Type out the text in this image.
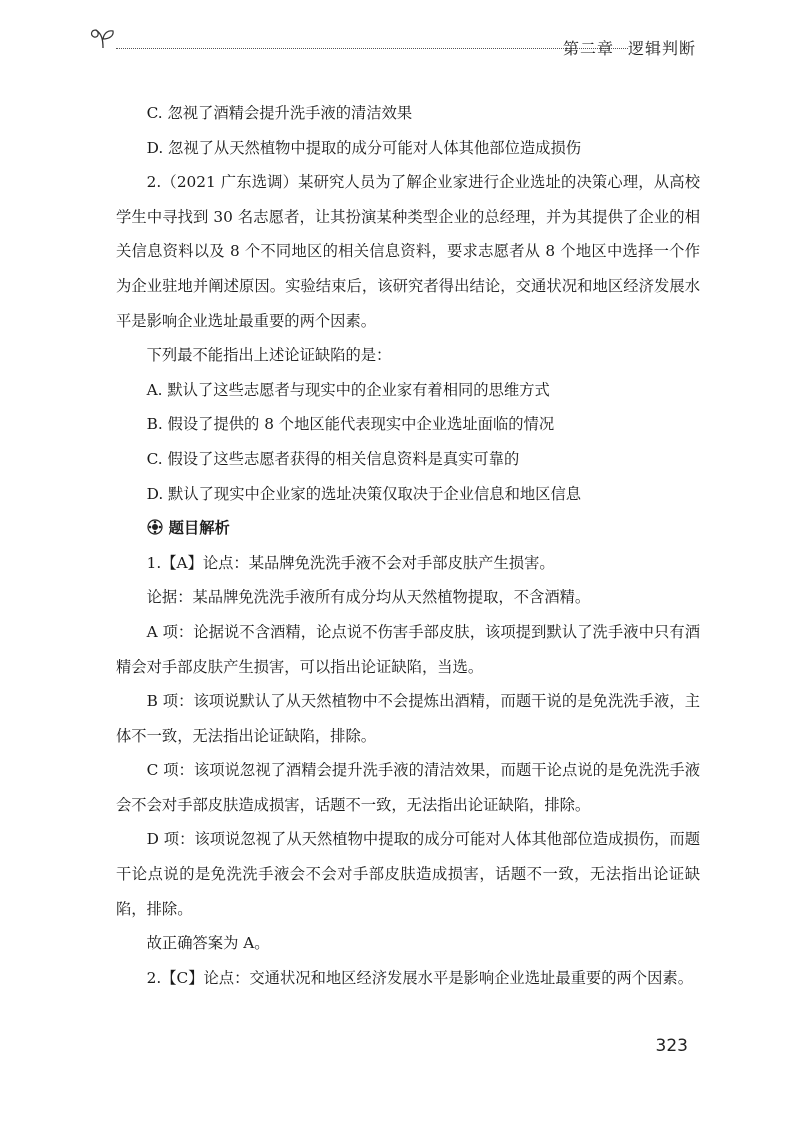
第二章 逻辑判断

C. 忽视了酒精会提升洗手液的清洁效果

D. 忽视了从天然植物中提取的成分可能对人体其他部位造成损伤

2.（2021 广东选调）某研究人员为了解企业家进行企业选址的决策心理，从高校学生中寻找到 30 名志愿者，让其扮演某种类型企业的总经理，并为其提供了企业的相关信息资料以及 8 个不同地区的相关信息资料，要求志愿者从 8 个地区中选择一个作为企业驻地并阐述原因。实验结束后，该研究者得出结论，交通状况和地区经济发展水平是影响企业选址最重要的两个因素。

下列最不能指出上述论证缺陷的是：

A. 默认了这些志愿者与现实中的企业家有着相同的思维方式

B. 假设了提供的 8 个地区能代表现实中企业选址面临的情况

C. 假设了这些志愿者获得的相关信息资料是真实可靠的

D. 默认了现实中企业家的选址决策仅取决于企业信息和地区信息

题目解析

1.【A】论点：某品牌免洗洗手液不会对手部皮肤产生损害。

论据：某品牌免洗洗手液所有成分均从天然植物提取，不含酒精。

A 项：论据说不含酒精，论点说不伤害手部皮肤，该项提到默认了洗手液中只有酒精会对手部皮肤产生损害，可以指出论证缺陷，当选。

B 项：该项说默认了从天然植物中不会提炼出酒精，而题干说的是免洗洗手液，主体不一致，无法指出论证缺陷，排除。

C 项：该项说忽视了酒精会提升洗手液的清洁效果，而题干论点说的是免洗洗手液会不会对手部皮肤造成损害，话题不一致，无法指出论证缺陷，排除。

D 项：该项说忽视了从天然植物中提取的成分可能对人体其他部位造成损伤，而题干论点说的是免洗洗手液会不会对手部皮肤造成损害，话题不一致，无法指出论证缺陷，排除。

故正确答案为 A。

2.【C】论点：交通状况和地区经济发展水平是影响企业选址最重要的两个因素。

323
